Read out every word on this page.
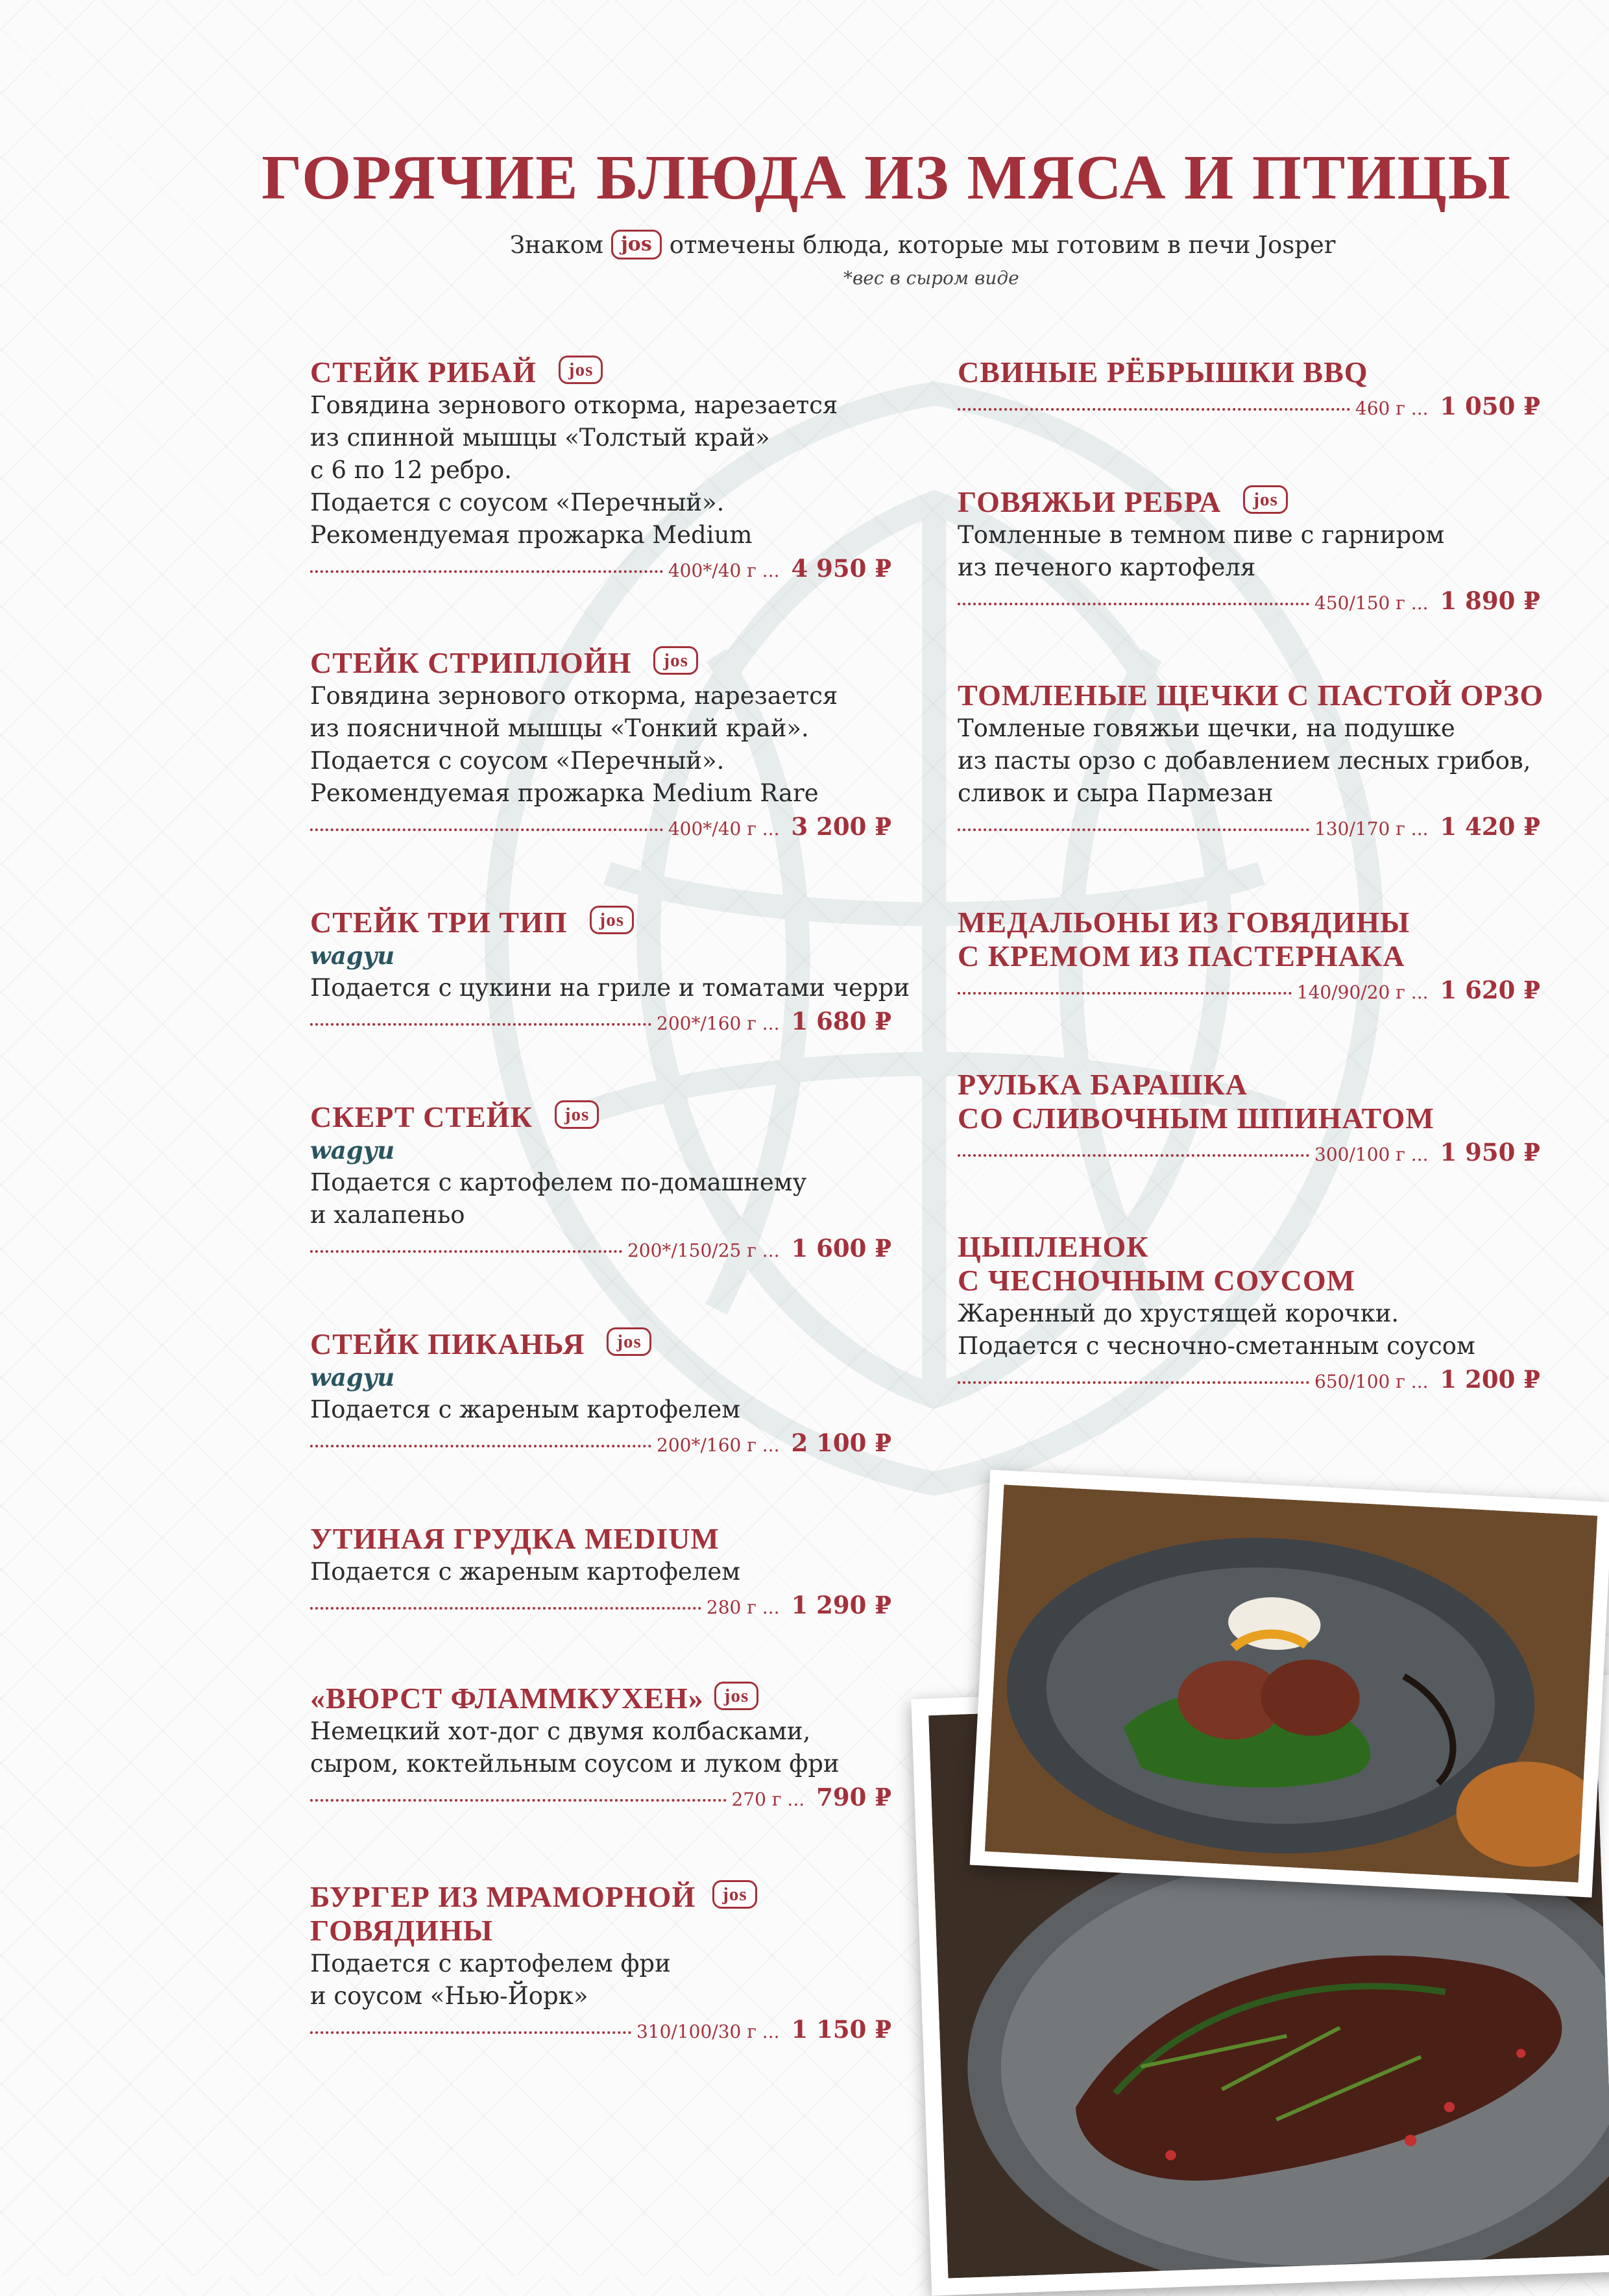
ГОРЯЧИЕ БЛЮДА ИЗ МЯСА И ПТИЦЫ
Знаком jos отмечены блюда, которые мы готовим в печи Josper
*вес в сыром виде
СТЕЙК РИБАЙ jos
Говядина зернового откорма, нарезается
из спинной мышцы «Толстый край»
с 6 по 12 ребро.
Подается с соусом «Перечный».
Рекомендуемая прожарка Medium
400*/40 г ... 4 950 ₽
СТЕЙК СТРИПЛОЙН jos
Говядина зернового откорма, нарезается
из поясничной мышцы «Тонкий край».
Подается с соусом «Перечный».
Рекомендуемая прожарка Medium Rare
400*/40 г ... 3 200 ₽
СТЕЙК ТРИ ТИП jos
wagyu
Подается с цукини на гриле и томатами черри
200*/160 г ... 1 680 ₽
СКЕРТ СТЕЙК jos
wagyu
Подается с картофелем по-домашнему
и халапеньо
200*/150/25 г ... 1 600 ₽
СТЕЙК ПИКАНЬЯ jos
wagyu
Подается с жареным картофелем
200*/160 г ... 2 100 ₽
УТИНАЯ ГРУДКА MEDIUM
Подается с жареным картофелем
280 г ... 1 290 ₽
«ВЮРСТ ФЛАММКУХЕН» jos
Немецкий хот-дог с двумя колбасками,
сыром, коктейльным соусом и луком фри
270 г ... 790 ₽
БУРГЕР ИЗ МРАМОРНОЙ jos
ГОВЯДИНЫ
Подается с картофелем фри
и соусом «Нью-Йорк»
310/100/30 г ... 1 150 ₽
СВИНЫЕ РЁБРЫШКИ BBQ
460 г ... 1 050 ₽
ГОВЯЖЬИ РЕБРА jos
Томленные в темном пиве с гарниром
из печеного картофеля
450/150 г ... 1 890 ₽
ТОМЛЕНЫЕ ЩЕЧКИ С ПАСТОЙ ОРЗО
Томленые говяжьи щечки, на подушке
из пасты орзо с добавлением лесных грибов,
сливок и сыра Пармезан
130/170 г ... 1 420 ₽
МЕДАЛЬОНЫ ИЗ ГОВЯДИНЫ
С КРЕМОМ ИЗ ПАСТЕРНАКА
140/90/20 г ... 1 620 ₽
РУЛЬКА БАРАШКА
СО СЛИВОЧНЫМ ШПИНАТОМ
300/100 г ... 1 950 ₽
ЦЫПЛЕНОК
С ЧЕСНОЧНЫМ СОУСОМ
Жаренный до хрустящей корочки.
Подается с чесночно-сметанным соусом
650/100 г ... 1 200 ₽
